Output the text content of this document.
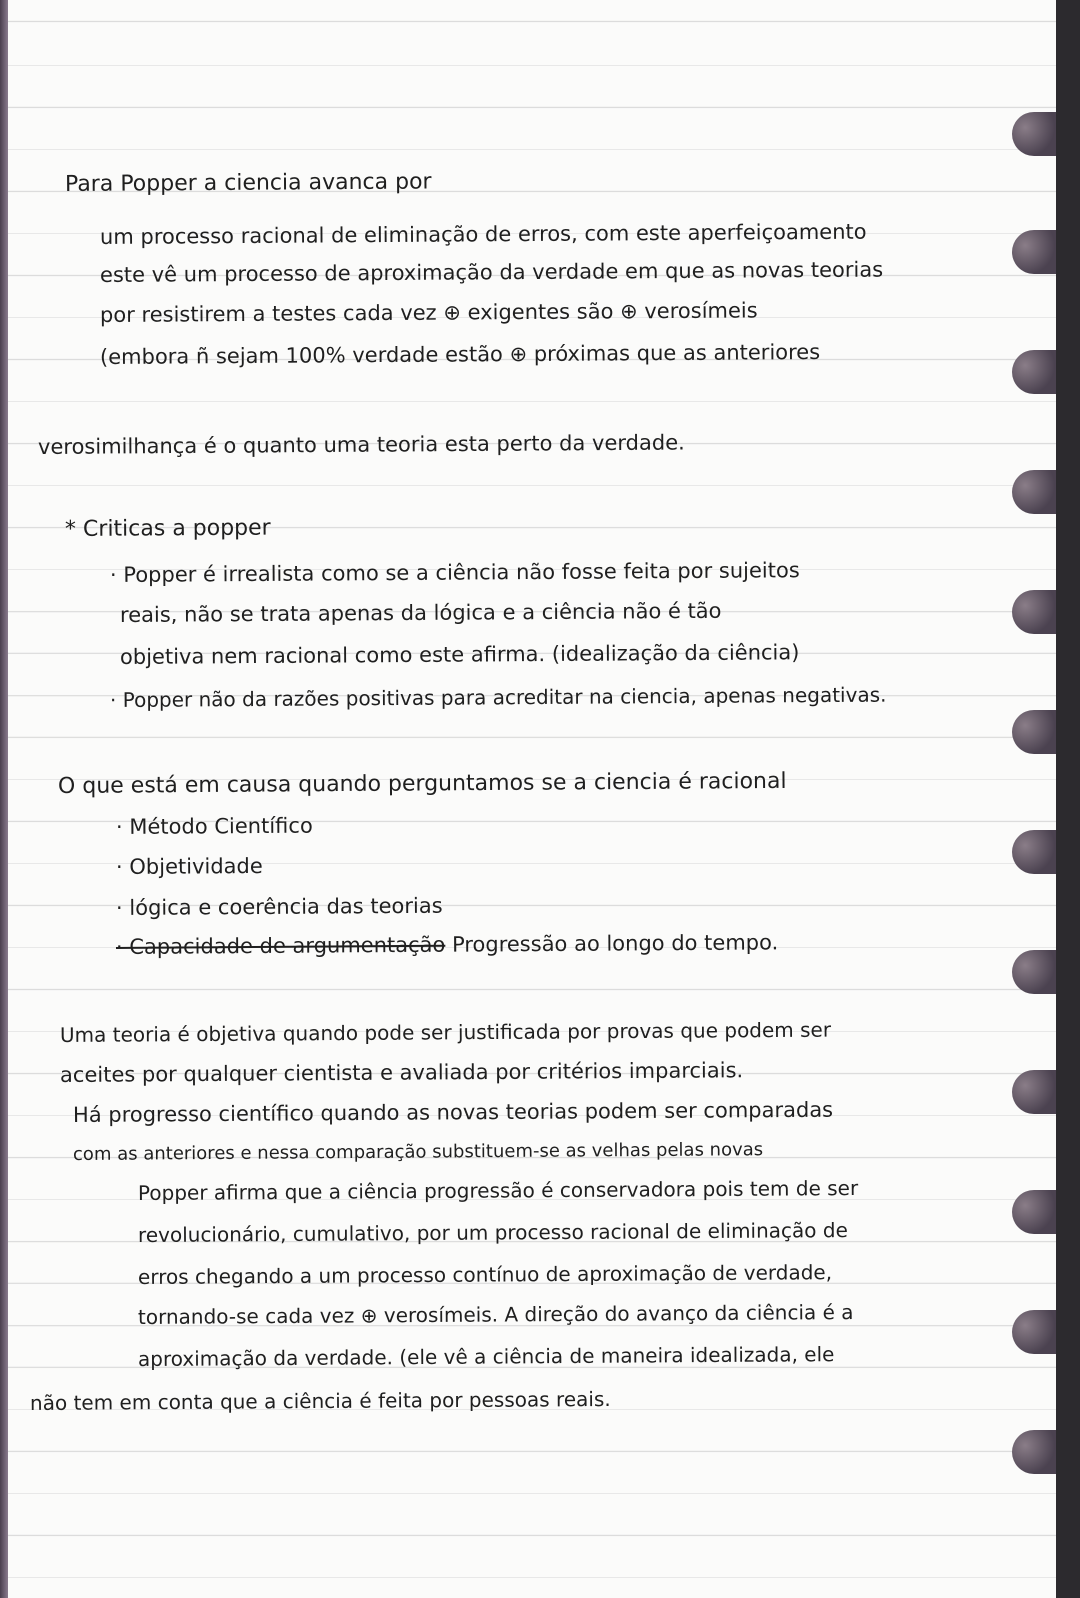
Para Popper a ciencia avanca por
um processo racional de eliminação de erros, com este aperfeiçoamento
este vê um processo de aproximação da verdade em que as novas teorias
por resistirem a testes cada vez ⊕ exigentes são ⊕ verosímeis
(embora ñ sejam 100% verdade estão ⊕ próximas que as anteriores
verosimilhança é o quanto uma teoria esta perto da verdade.
* Criticas a popper
· Popper é irrealista como se a ciência não fosse feita por sujeitos
reais, não se trata apenas da lógica e a ciência não é tão
objetiva nem racional como este afirma. (idealização da ciência)
· Popper não da razões positivas para acreditar na ciencia, apenas negativas.
O que está em causa quando perguntamos se a ciencia é racional
· Método Científico
· Objetividade
· lógica e coerência das teorias
· Capacidade de argumentação Progressão ao longo do tempo.
Uma teoria é objetiva quando pode ser justificada por provas que podem ser
aceites por qualquer cientista e avaliada por critérios imparciais.
Há progresso científico quando as novas teorias podem ser comparadas
com as anteriores e nessa comparação substituem-se as velhas pelas novas
Popper afirma que a ciência progressão é conservadora pois tem de ser
revolucionário, cumulativo, por um processo racional de eliminação de
erros chegando a um processo contínuo de aproximação de verdade,
tornando-se cada vez ⊕ verosímeis. A direção do avanço da ciência é a
aproximação da verdade. (ele vê a ciência de maneira idealizada, ele
não tem em conta que a ciência é feita por pessoas reais.
